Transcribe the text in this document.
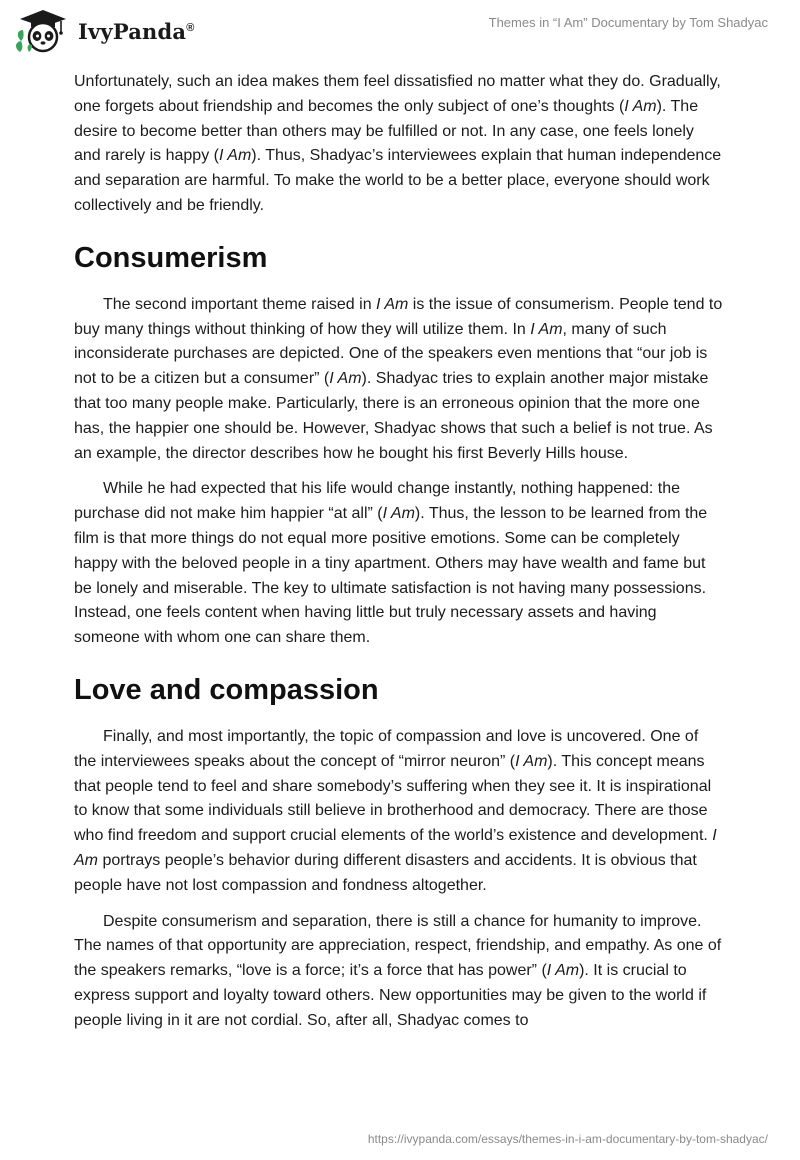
IvyPanda®	Themes in “I Am” Documentary by Tom Shadyac

Unfortunately, such an idea makes them feel dissatisfied no matter what they do. Gradually, one forgets about friendship and becomes the only subject of one’s thoughts (I Am). The desire to become better than others may be fulfilled or not. In any case, one feels lonely and rarely is happy (I Am). Thus, Shadyac’s interviewees explain that human independence and separation are harmful. To make the world to be a better place, everyone should work collectively and be friendly.

Consumerism

The second important theme raised in I Am is the issue of consumerism. People tend to buy many things without thinking of how they will utilize them. In I Am, many of such inconsiderate purchases are depicted. One of the speakers even mentions that “our job is not to be a citizen but a consumer” (I Am). Shadyac tries to explain another major mistake that too many people make. Particularly, there is an erroneous opinion that the more one has, the happier one should be. However, Shadyac shows that such a belief is not true. As an example, the director describes how he bought his first Beverly Hills house.

While he had expected that his life would change instantly, nothing happened: the purchase did not make him happier “at all” (I Am). Thus, the lesson to be learned from the film is that more things do not equal more positive emotions. Some can be completely happy with the beloved people in a tiny apartment. Others may have wealth and fame but be lonely and miserable. The key to ultimate satisfaction is not having many possessions. Instead, one feels content when having little but truly necessary assets and having someone with whom one can share them.

Love and compassion

Finally, and most importantly, the topic of compassion and love is uncovered. One of the interviewees speaks about the concept of “mirror neuron” (I Am). This concept means that people tend to feel and share somebody’s suffering when they see it. It is inspirational to know that some individuals still believe in brotherhood and democracy. There are those who find freedom and support crucial elements of the world’s existence and development. I Am portrays people’s behavior during different disasters and accidents. It is obvious that people have not lost compassion and fondness altogether.

Despite consumerism and separation, there is still a chance for humanity to improve. The names of that opportunity are appreciation, respect, friendship, and empathy. As one of the speakers remarks, “love is a force; it’s a force that has power” (I Am). It is crucial to express support and loyalty toward others. New opportunities may be given to the world if people living in it are not cordial. So, after all, Shadyac comes to

https://ivypanda.com/essays/themes-in-i-am-documentary-by-tom-shadyac/
